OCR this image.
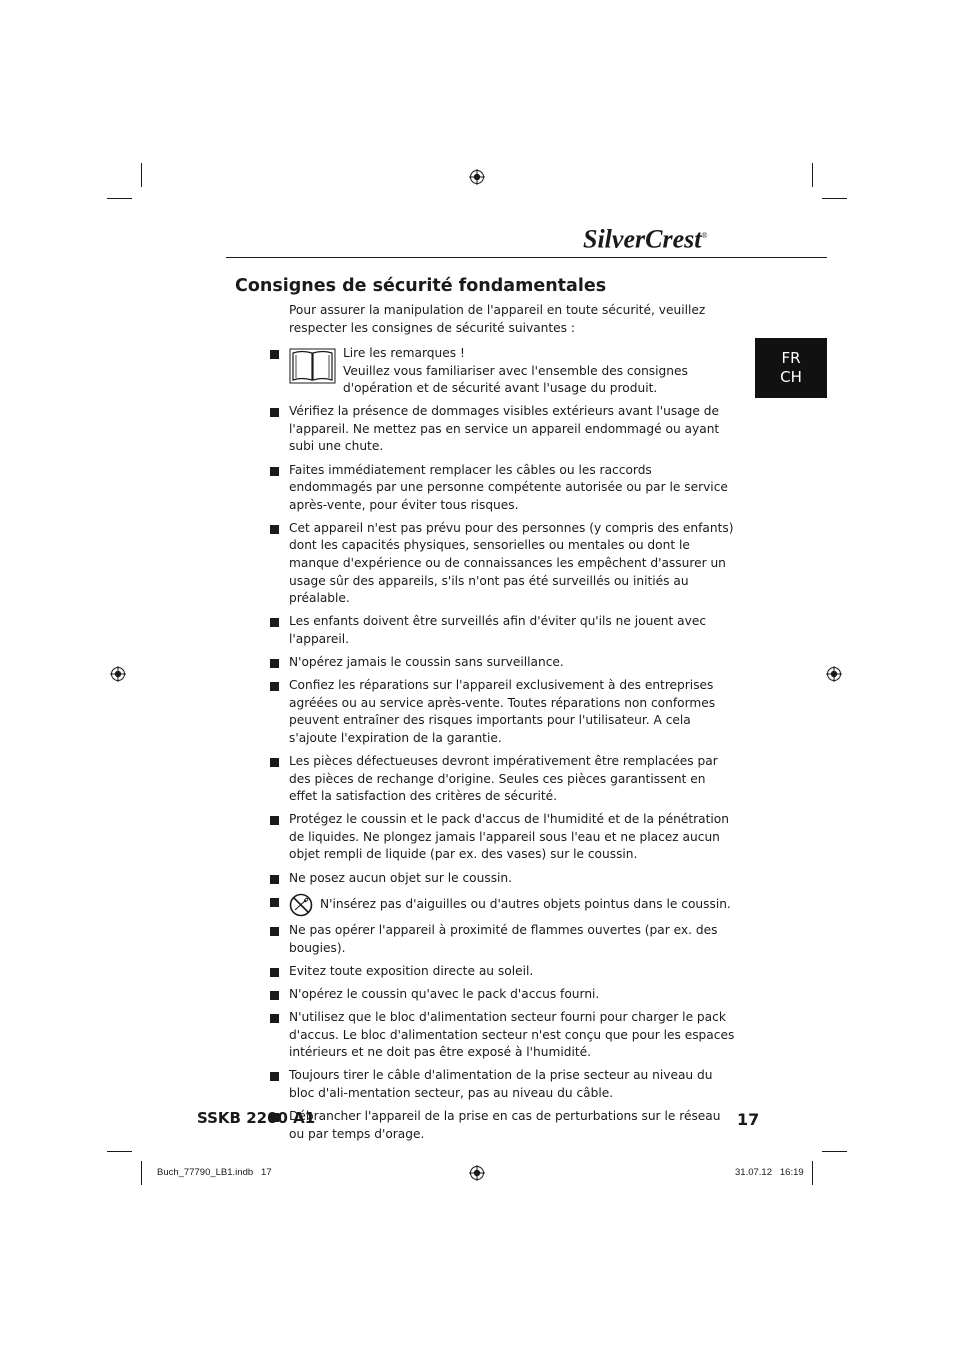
SilverCrest®
FR
CH
Consignes de sécurité fondamentales
Pour assurer la manipulation de l'appareil en toute sécurité, veuillez respecter les consignes de sécurité suivantes :
Lire les remarques !
Veuillez vous familiariser avec l'ensemble des consignes d'opération et de sécurité avant l'usage du produit.
Vérifiez la présence de dommages visibles extérieurs avant l'usage de l'appareil. Ne mettez pas en service un appareil endommagé ou ayant subi une chute.
Faites immédiatement remplacer les câbles ou les raccords endommagés par une personne compétente autorisée ou par le service après-vente, pour éviter tous risques.
Cet appareil n'est pas prévu pour des personnes (y compris des enfants) dont les capacités physiques, sensorielles ou mentales ou dont le manque d'expérience ou de connaissances les empêchent d'assurer un usage sûr des appareils, s'ils n'ont pas été surveillés ou initiés au préalable.
Les enfants doivent être surveillés afin d'éviter qu'ils ne jouent avec l'appareil.
N'opérez jamais le coussin sans surveillance.
Confiez les réparations sur l'appareil exclusivement à des entreprises agréées ou au service après-vente. Toutes réparations non conformes peuvent entraîner des risques importants pour l'utilisateur. A cela s'ajoute l'expiration de la garantie.
Les pièces défectueuses devront impérativement être remplacées par des pièces de rechange d'origine. Seules ces pièces garantissent en effet la satisfaction des critères de sécurité.
Protégez le coussin et le pack d'accus de l'humidité et de la pénétration de liquides. Ne plongez jamais l'appareil sous l'eau et ne placez aucun objet rempli de liquide (par ex. des vases) sur le coussin.
Ne posez aucun objet sur le coussin.
N'insérez pas d'aiguilles ou d'autres objets pointus dans le coussin.
Ne pas opérer l'appareil à proximité de flammes ouvertes (par ex. des bougies).
Evitez toute exposition directe au soleil.
N'opérez le coussin qu'avec le pack d'accus fourni.
N'utilisez que le bloc d'alimentation secteur fourni pour charger le pack d'accus. Le bloc d'alimentation secteur n'est conçu que pour les espaces intérieurs et ne doit pas être exposé à l'humidité.
Toujours tirer le câble d'alimentation de la prise secteur au niveau du bloc d'ali-mentation secteur, pas au niveau du câble.
Débrancher l'appareil de la prise en cas de perturbations sur le réseau ou par temps d'orage.
SSKB 2200 A1	17
Buch_77790_LB1.indb   17	31.07.12   16:19
